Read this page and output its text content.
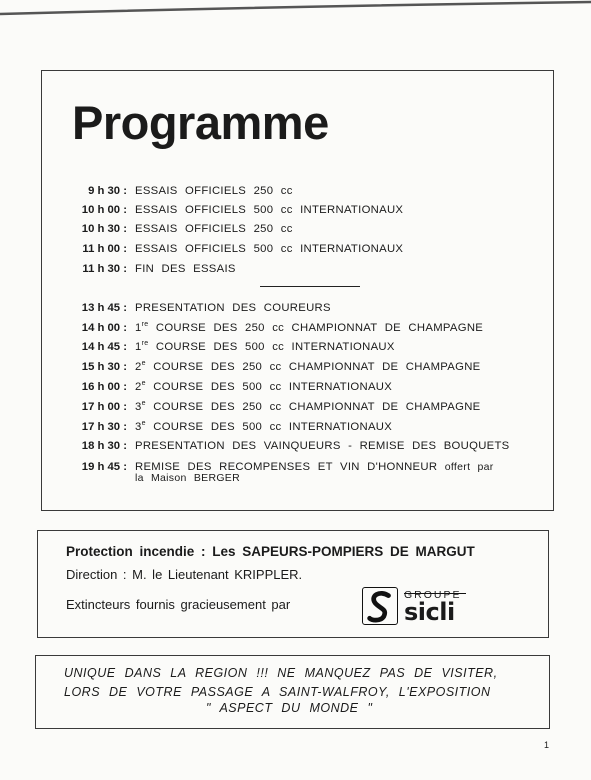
Programme
9 h 30 : ESSAIS OFFICIELS 250 cc
10 h 00 : ESSAIS OFFICIELS 500 cc INTERNATIONAUX
10 h 30 : ESSAIS OFFICIELS 250 cc
11 h 00 : ESSAIS OFFICIELS 500 cc INTERNATIONAUX
11 h 30 : FIN DES ESSAIS
13 h 45 : PRESENTATION DES COUREURS
14 h 00 : 1re COURSE DES 250 cc CHAMPIONNAT DE CHAMPAGNE
14 h 45 : 1re COURSE DES 500 cc INTERNATIONAUX
15 h 30 : 2e COURSE DES 250 cc CHAMPIONNAT DE CHAMPAGNE
16 h 00 : 2e COURSE DES 500 cc INTERNATIONAUX
17 h 00 : 3e COURSE DES 250 cc CHAMPIONNAT DE CHAMPAGNE
17 h 30 : 3e COURSE DES 500 cc INTERNATIONAUX
18 h 30 : PRESENTATION DES VAINQUEURS - REMISE DES BOUQUETS
19 h 45 : REMISE DES RECOMPENSES ET VIN D'HONNEUR offert par
la Maison BERGER
Protection incendie : Les SAPEURS-POMPIERS DE MARGUT
Direction : M. le Lieutenant KRIPPLER.
Extincteurs fournis gracieusement par
GROUPE
sicli
UNIQUE DANS LA REGION !!! NE MANQUEZ PAS DE VISITER,
LORS DE VOTRE PASSAGE A SAINT-WALFROY, L'EXPOSITION
" ASPECT DU MONDE "
1
